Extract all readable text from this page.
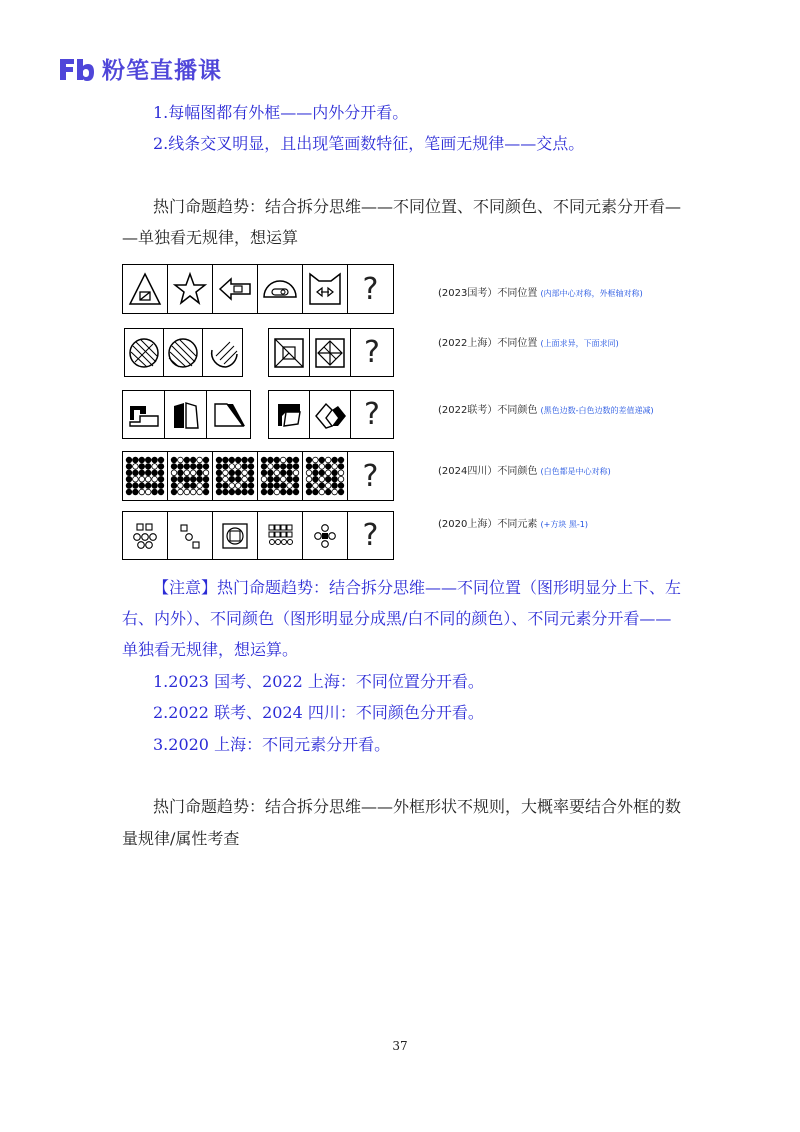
粉笔直播课
1.每幅图都有外框——内外分开看。
2.线条交叉明显，且出现笔画数特征，笔画无规律——交点。
热门命题趋势：结合拆分思维——不同位置、不同颜色、不同元素分开看—
—单独看无规律，想运算
?	(2023国考）不同位置 (内部中心对称，外框轴对称)
?	(2022上海）不同位置 (上面求异，下面求同)
?	(2022联考）不同颜色 (黑色边数-白色边数的差值递减)
?	(2024四川）不同颜色 (白色都是中心对称)
?	(2020上海）不同元素 (+方块 黑-1)
【注意】热门命题趋势：结合拆分思维——不同位置（图形明显分上下、左
右、内外）、不同颜色（图形明显分成黑/白不同的颜色）、不同元素分开看——
单独看无规律，想运算。
1.2023 国考、2022 上海：不同位置分开看。
2.2022 联考、2024 四川：不同颜色分开看。
3.2020 上海：不同元素分开看。
热门命题趋势：结合拆分思维——外框形状不规则，大概率要结合外框的数
量规律/属性考查
37
